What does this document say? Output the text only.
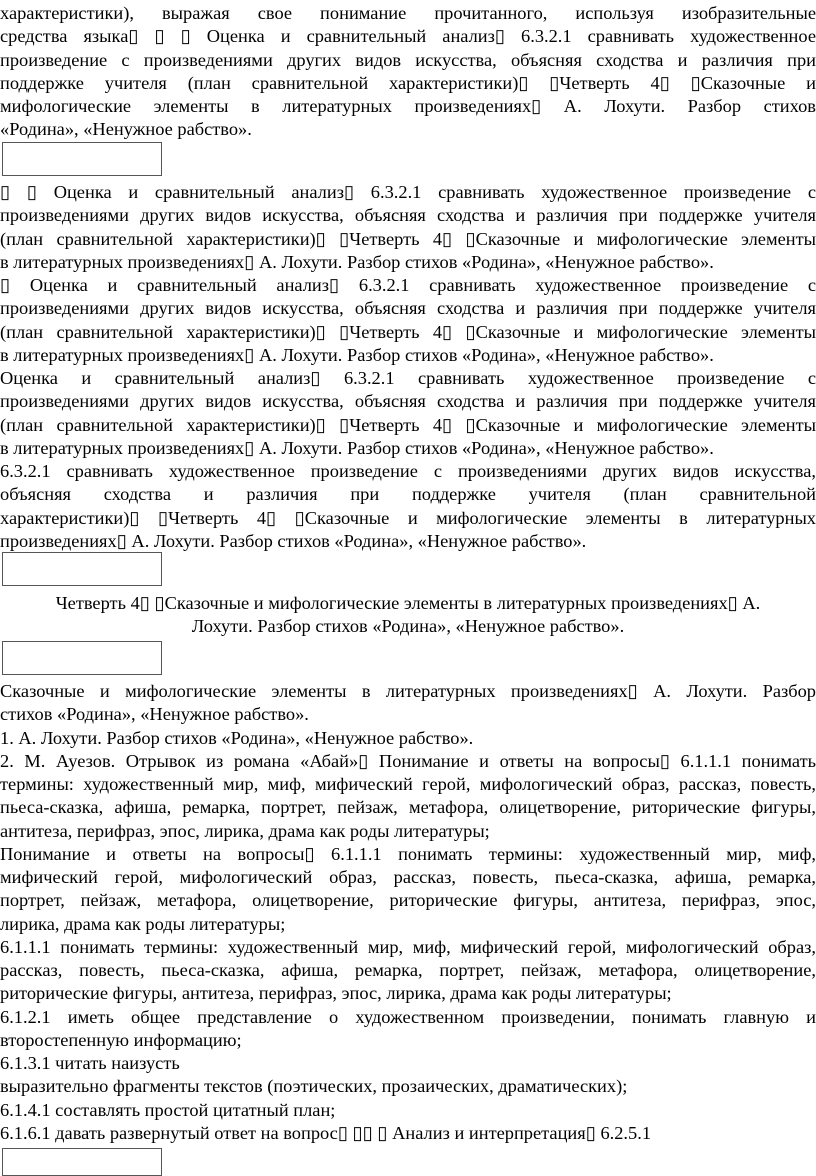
характеристики), выражая свое понимание прочитанного, используя изобразительные
средства языка▯ ▯ ▯ Оценка и сравнительный анализ▯ 6.3.2.1 сравнивать художественное
произведение с произведениями других видов искусства, объясняя сходства и различия при
поддержке учителя (план сравнительной характеристики)▯ ▯Четверть 4▯ ▯Сказочные и
мифологические элементы в литературных произведениях▯ А. Лохути. Разбор стихов
«Родина», «Ненужное рабство».
▯ ▯ Оценка и сравнительный анализ▯ 6.3.2.1 сравнивать художественное произведение с
произведениями других видов искусства, объясняя сходства и различия при поддержке учителя
(план сравнительной характеристики)▯ ▯Четверть 4▯ ▯Сказочные и мифологические элементы
в литературных произведениях▯ А. Лохути. Разбор стихов «Родина», «Ненужное рабство».
▯ Оценка и сравнительный анализ▯ 6.3.2.1 сравнивать художественное произведение с
произведениями других видов искусства, объясняя сходства и различия при поддержке учителя
(план сравнительной характеристики)▯ ▯Четверть 4▯ ▯Сказочные и мифологические элементы
в литературных произведениях▯ А. Лохути. Разбор стихов «Родина», «Ненужное рабство».
Оценка и сравнительный анализ▯ 6.3.2.1 сравнивать художественное произведение с
произведениями других видов искусства, объясняя сходства и различия при поддержке учителя
(план сравнительной характеристики)▯ ▯Четверть 4▯ ▯Сказочные и мифологические элементы
в литературных произведениях▯ А. Лохути. Разбор стихов «Родина», «Ненужное рабство».
6.3.2.1 сравнивать художественное произведение с произведениями других видов искусства,
объясняя сходства и различия при поддержке учителя (план сравнительной
характеристики)▯ ▯Четверть 4▯ ▯Сказочные и мифологические элементы в литературных
произведениях▯ А. Лохути. Разбор стихов «Родина», «Ненужное рабство».
Четверть 4▯ ▯Сказочные и мифологические элементы в литературных произведениях▯ А.
Лохути. Разбор стихов «Родина», «Ненужное рабство».
Сказочные и мифологические элементы в литературных произведениях▯ А. Лохути. Разбор
стихов «Родина», «Ненужное рабство».
1. А. Лохути. Разбор стихов «Родина», «Ненужное рабство».
2. М. Ауезов. Отрывок из романа «Абай»▯ Понимание и ответы на вопросы▯ 6.1.1.1 понимать
термины: художественный мир, миф, мифический герой, мифологический образ, рассказ, повесть,
пьеса-сказка, афиша, ремарка, портрет, пейзаж, метафора, олицетворение, риторические фигуры,
антитеза, перифраз, эпос, лирика, драма как роды литературы;
Понимание и ответы на вопросы▯ 6.1.1.1 понимать термины: художественный мир, миф,
мифический герой, мифологический образ, рассказ, повесть, пьеса-сказка, афиша, ремарка,
портрет, пейзаж, метафора, олицетворение, риторические фигуры, антитеза, перифраз, эпос,
лирика, драма как роды литературы;
6.1.1.1 понимать термины: художественный мир, миф, мифический герой, мифологический образ,
рассказ, повесть, пьеса-сказка, афиша, ремарка, портрет, пейзаж, метафора, олицетворение,
риторические фигуры, антитеза, перифраз, эпос, лирика, драма как роды литературы;
6.1.2.1 иметь общее представление о художественном произведении, понимать главную и
второстепенную информацию;
6.1.3.1 читать наизусть
выразительно фрагменты текстов (поэтических, прозаических, драматических);
6.1.4.1 составлять простой цитатный план;
6.1.6.1 давать развернутый ответ на вопрос▯ ▯▯ ▯ Анализ и интерпретация▯ 6.2.5.1
